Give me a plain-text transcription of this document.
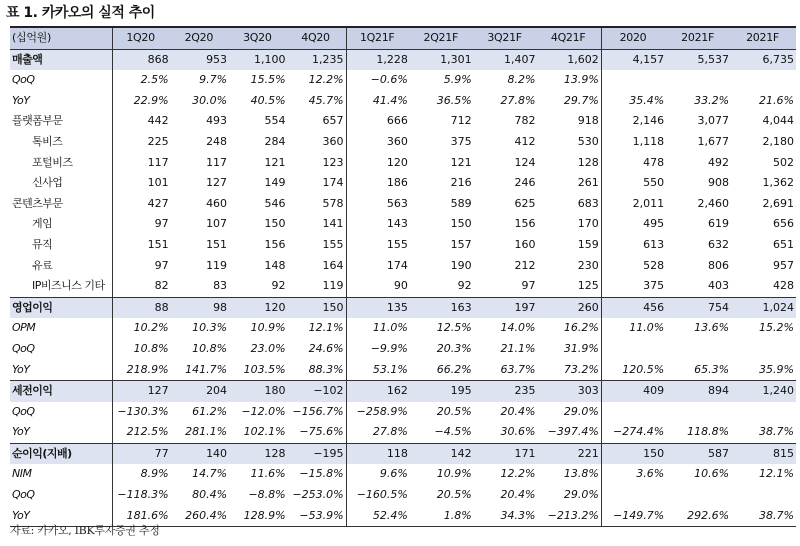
표 1. 카카오의 실적 추이
(십억원)	1Q20	2Q20	3Q20	4Q20	1Q21F	2Q21F	3Q21F	4Q21F	2020	2021F	2021F
매출액	868	953	1,100	1,235	1,228	1,301	1,407	1,602	4,157	5,537	6,735
QoQ	2.5%	9.7%	15.5%	12.2%	−0.6%	5.9%	8.2%	13.9%			
YoY	22.9%	30.0%	40.5%	45.7%	41.4%	36.5%	27.8%	29.7%	35.4%	33.2%	21.6%
플랫폼부문	442	493	554	657	666	712	782	918	2,146	3,077	4,044
톡비즈	225	248	284	360	360	375	412	530	1,118	1,677	2,180
포털비즈	117	117	121	123	120	121	124	128	478	492	502
신사업	101	127	149	174	186	216	246	261	550	908	1,362
콘텐츠부문	427	460	546	578	563	589	625	683	2,011	2,460	2,691
게임	97	107	150	141	143	150	156	170	495	619	656
뮤직	151	151	156	155	155	157	160	159	613	632	651
유료	97	119	148	164	174	190	212	230	528	806	957
IP비즈니스 기타	82	83	92	119	90	92	97	125	375	403	428
영업이익	88	98	120	150	135	163	197	260	456	754	1,024
OPM	10.2%	10.3%	10.9%	12.1%	11.0%	12.5%	14.0%	16.2%	11.0%	13.6%	15.2%
QoQ	10.8%	10.8%	23.0%	24.6%	−9.9%	20.3%	21.1%	31.9%			
YoY	218.9%	141.7%	103.5%	88.3%	53.1%	66.2%	63.7%	73.2%	120.5%	65.3%	35.9%
세전이익	127	204	180	−102	162	195	235	303	409	894	1,240
QoQ	−130.3%	61.2%	−12.0%	−156.7%	−258.9%	20.5%	20.4%	29.0%			
YoY	212.5%	281.1%	102.1%	−75.6%	27.8%	−4.5%	30.6%	−397.4%	−274.4%	118.8%	38.7%
순이익(지배)	77	140	128	−195	118	142	171	221	150	587	815
NIM	8.9%	14.7%	11.6%	−15.8%	9.6%	10.9%	12.2%	13.8%	3.6%	10.6%	12.1%
QoQ	−118.3%	80.4%	−8.8%	−253.0%	−160.5%	20.5%	20.4%	29.0%			
YoY	181.6%	260.4%	128.9%	−53.9%	52.4%	1.8%	34.3%	−213.2%	−149.7%	292.6%	38.7%
자료: 카카오, IBK투자증권 추정
